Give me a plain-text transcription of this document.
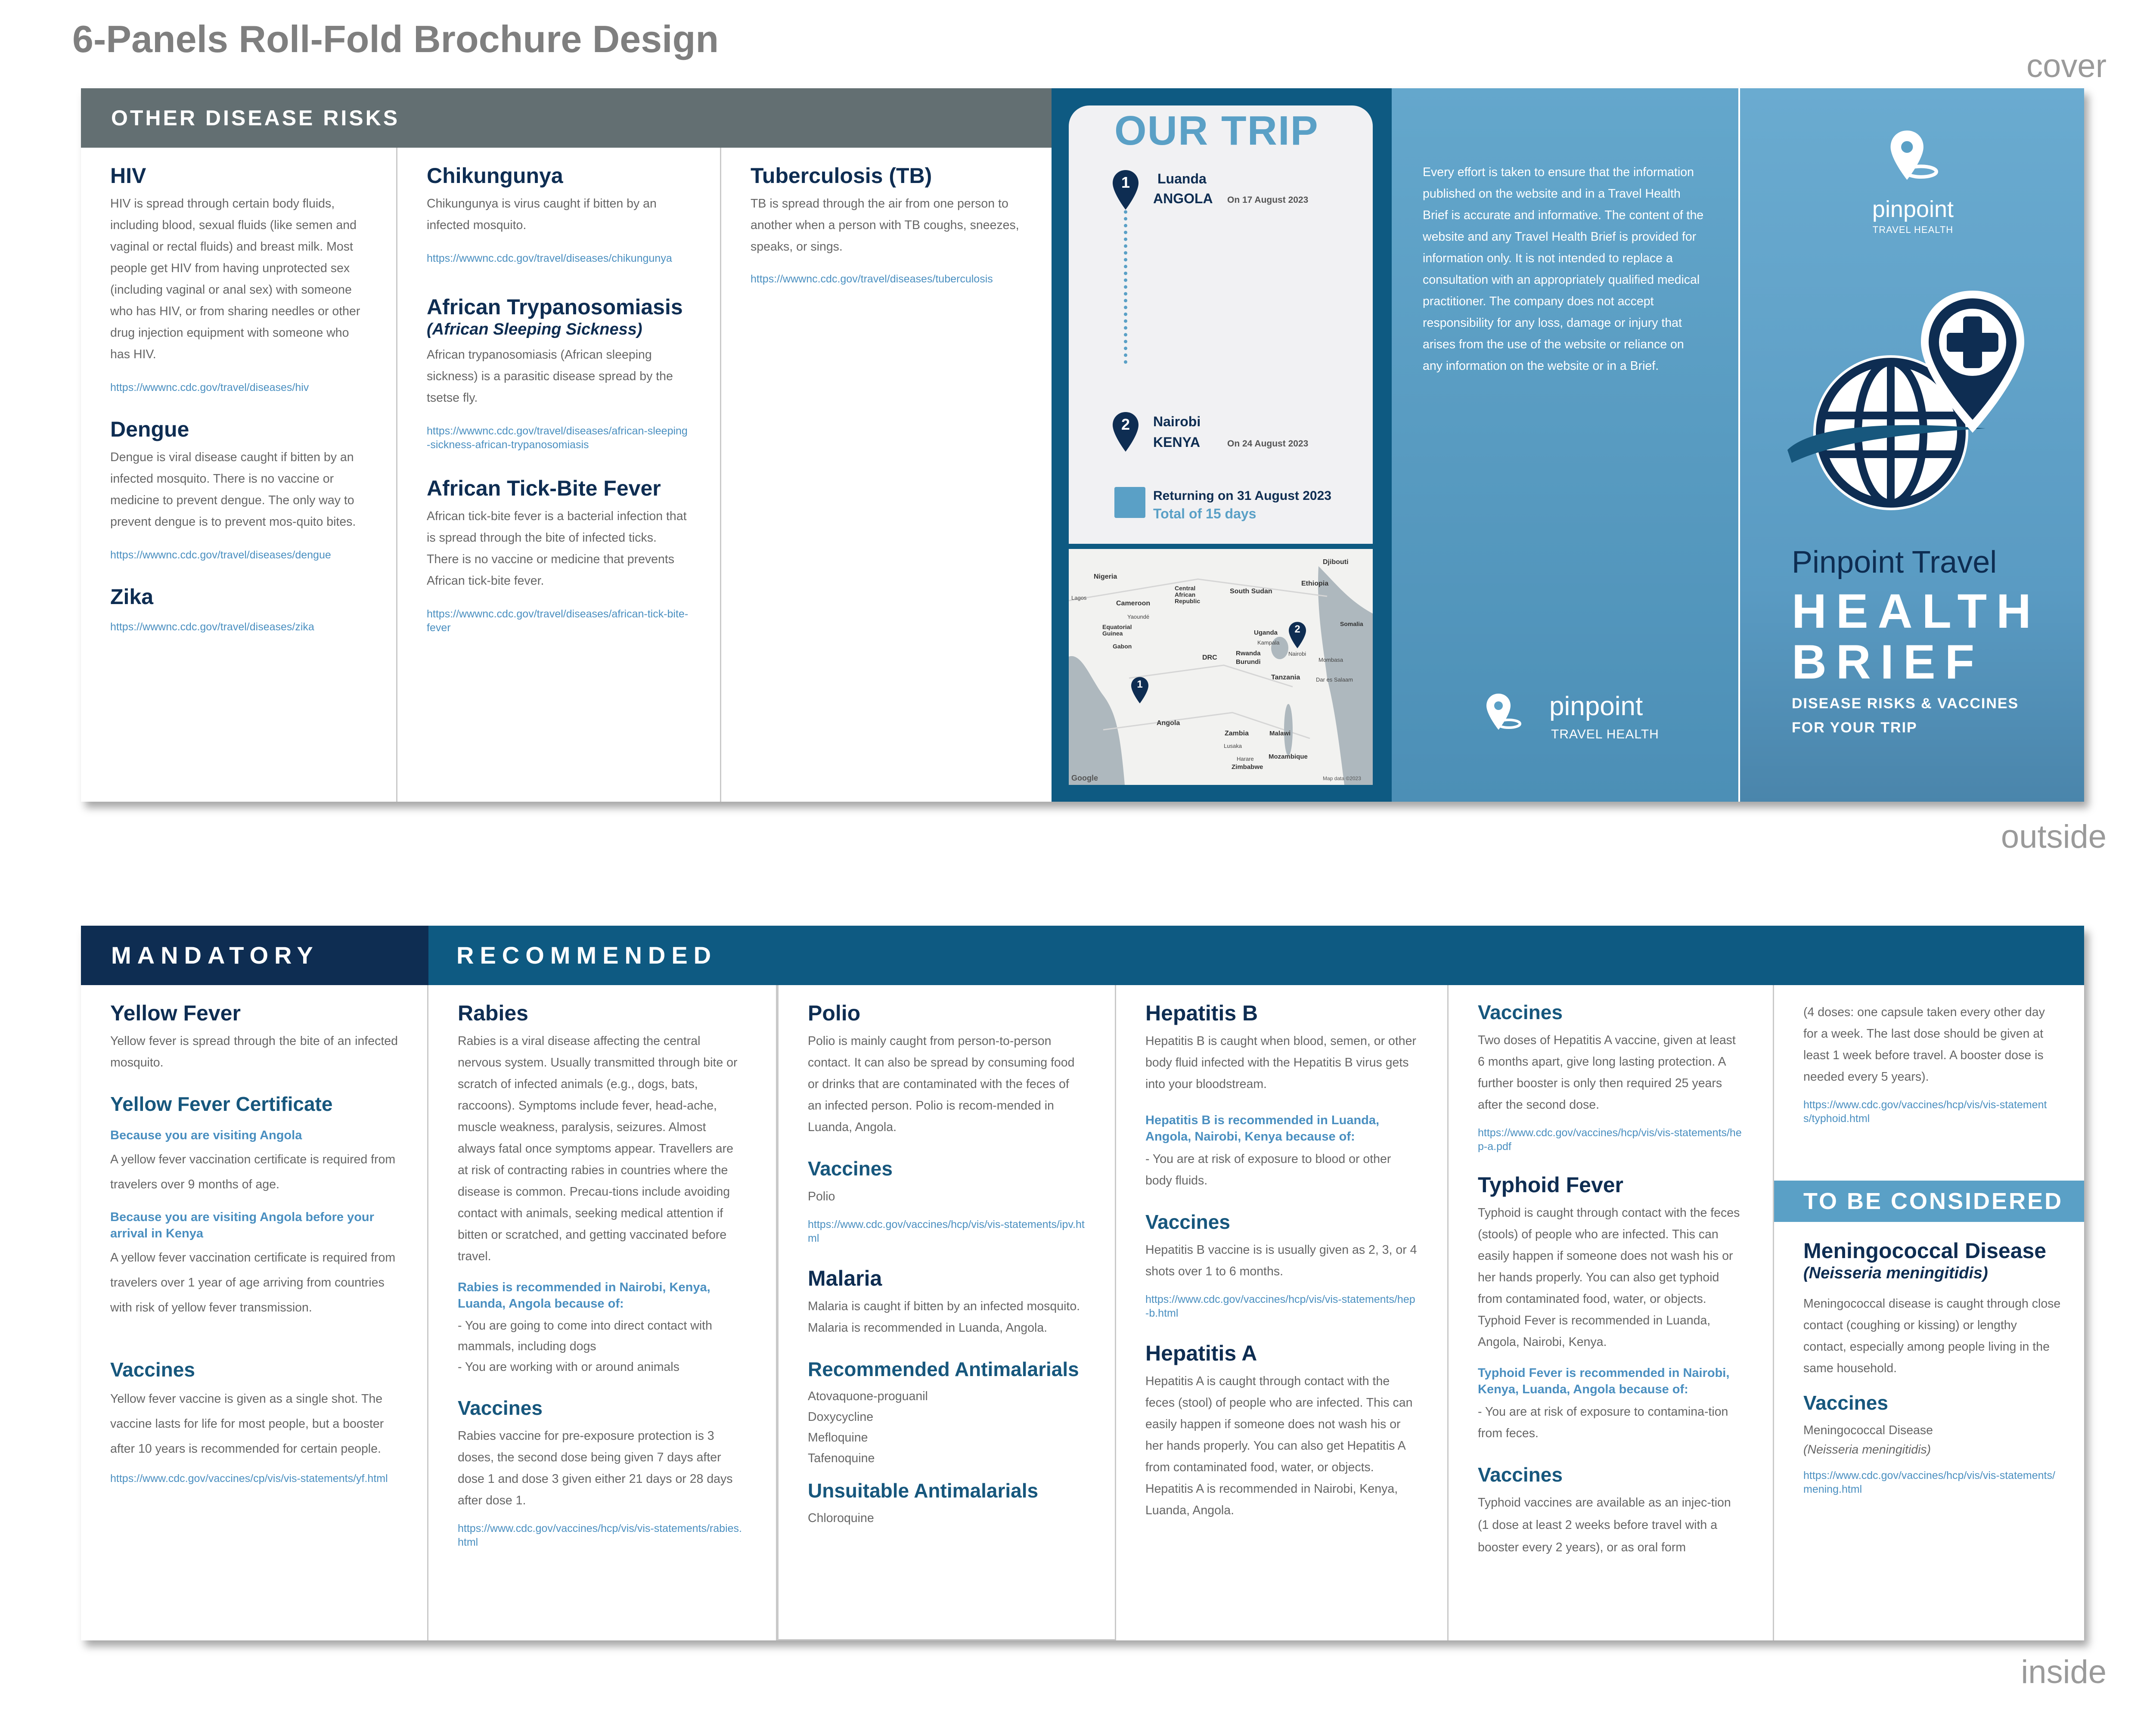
6-Panels Roll-Fold Brochure Design
cover
outside
inside
OTHER DISEASE RISKS
HIV

HIV is spread through certain body fluids, including blood, sexual fluids (like semen and vaginal or rectal fluids) and breast milk. Most people get HIV from having unprotected sex (including vaginal or anal sex) with someone who has HIV, or from sharing needles or other drug injection equipment with someone who has HIV.

https://wwwnc.cdc.gov/travel/diseases/hiv

Dengue

Dengue is viral disease caught if bitten by an infected mosquito. There is no vaccine or medicine to prevent dengue. The only way to prevent dengue is to prevent mos-quito bites.

https://wwwnc.cdc.gov/travel/diseases/dengue

Zika

https://wwwnc.cdc.gov/travel/diseases/zika

Chikungunya

Chikungunya is virus caught if bitten by an infected mosquito.

https://wwwnc.cdc.gov/travel/diseases/chikungunya

African Trypanosomiasis
(African Sleeping Sickness)

African trypanosomiasis (African sleeping sickness) is a parasitic disease spread by the tsetse fly.

https://wwwnc.cdc.gov/travel/diseases/african-sleeping-sickness-african-trypanosomiasis

African Tick-Bite Fever

African tick-bite fever is a bacterial infection that is spread through the bite of infected ticks. There is no vaccine or medicine that prevents African tick-bite fever.

https://wwwnc.cdc.gov/travel/diseases/african-tick-bite-fever

Tuberculosis (TB)

TB is spread through the air from one person to another when a person with TB coughs, sneezes, speaks, or sings.

https://wwwnc.cdc.gov/travel/diseases/tuberculosis

OUR TRIP
1	Luanda
ANGOLA On 17 August 2023
2	Nairobi
KENYA	On 24 August 2023
Returning on 31 August 2023
Total of 15 days
Nigeria
Djibouti
Ethiopia
Lagos
Cameroon
Yaoundé
Central African Republic
South Sudan
Equatorial Guinea
Gabon
Somalia
Uganda
Kampala
Nairobi
DRC
Rwanda
Burundi	Mombasa
Tanzania	Dar es Salaam
Angola
Zambia	Malawi
Lusaka
Harare
Zimbabwe
Mozambique
Google	Map data ©2023
1
2

Every effort is taken to ensure that the information published on the website and in a Travel Health Brief is accurate and informative. The content of the website and any Travel Health Brief is provided for information only. It is not intended to replace a consultation with an appropriately qualified medical practitioner. The company does not accept responsibility for any loss, damage or injury that arises from the use of the website or reliance on any information on the website or in a Brief.

pinpoint
TRAVEL HEALTH
pinpoint
TRAVEL HEALTH
Pinpoint Travel
HEALTH
BRIEF
DISEASE RISKS & VACCINES
FOR YOUR TRIP
MANDATORY	RECOMMENDED
Yellow Fever

Yellow fever is spread through the bite of an infected mosquito.

Yellow Fever Certificate

Because you are visiting Angola

A yellow fever vaccination certificate is required from travelers over 9 months of age.

Because you are visiting Angola before your arrival in Kenya

A yellow fever vaccination certificate is required from travelers over 1 year of age arriving from countries with risk of yellow fever transmission.

Vaccines

Yellow fever vaccine is given as a single shot. The vaccine lasts for life for most people, but a booster after 10 years is recommended for certain people.

https://www.cdc.gov/vaccines/cp/vis/vis-statements/yf.html

Rabies

Rabies is a viral disease affecting the central nervous system. Usually transmitted through bite or scratch of infected animals (e.g., dogs, bats, raccoons). Symptoms include fever, head-ache, muscle weakness, paralysis, seizures. Almost always fatal once symptoms appear. Travellers are at risk of contracting rabies in countries where the disease is common. Precau-tions include avoiding contact with animals, seeking medical attention if bitten or scratched, and getting vaccinated before travel.

Rabies is recommended in Nairobi, Kenya, Luanda, Angola because of:

- You are going to come into direct contact with mammals, including dogs

- You are working with or around animals

Vaccines

Rabies vaccine for pre-exposure protection is 3 doses, the second dose being given 7 days after dose 1 and dose 3 given either 21 days or 28 days after dose 1.

https://www.cdc.gov/vaccines/hcp/vis/vis-statements/rabies.html

Polio

Polio is mainly caught from person-to-person contact. It can also be spread by consuming food or drinks that are contaminated with the feces of an infected person. Polio is recom-mended in Luanda, Angola.

Vaccines

Polio

https://www.cdc.gov/vaccines/hcp/vis/vis-statements/ipv.html

Malaria

Malaria is caught if bitten by an infected mosquito. Malaria is recommended in Luanda, Angola.

Recommended Antimalarials

Atovaquone-proguanil

Doxycycline

Mefloquine

Tafenoquine

Unsuitable Antimalarials

Chloroquine

Hepatitis B

Hepatitis B is caught when blood, semen, or other body fluid infected with the Hepatitis B virus gets into your bloodstream.

Hepatitis B is recommended in Luanda, Angola, Nairobi, Kenya because of:

- You are at risk of exposure to blood or other body fluids.

Vaccines

Hepatitis B vaccine is is usually given as 2, 3, or 4 shots over 1 to 6 months.

https://www.cdc.gov/vaccines/hcp/vis/vis-statements/hep-b.html

Hepatitis A

Hepatitis A is caught through contact with the feces (stool) of people who are infected. This can easily happen if someone does not wash his or her hands properly. You can also get Hepatitis A from contaminated food, water, or objects. Hepatitis A is recommended in Nairobi, Kenya, Luanda, Angola.

Vaccines

Two doses of Hepatitis A vaccine, given at least 6 months apart, give long lasting protection. A further booster is only then required 25 years after the second dose.

https://www.cdc.gov/vaccines/hcp/vis/vis-statements/hep-a.pdf

Typhoid Fever

Typhoid is caught through contact with the feces (stools) of people who are infected. This can easily happen if someone does not wash his or her hands properly. You can also get typhoid from contaminated food, water, or objects. Typhoid Fever is recommended in Luanda, Angola, Nairobi, Kenya.

Typhoid Fever is recommended in Nairobi, Kenya, Luanda, Angola because of:

- You are at risk of exposure to contamina-tion from feces.

Vaccines

Typhoid vaccines are available as an injec-tion (1 dose at least 2 weeks before travel with a booster every 2 years), or as oral form

(4 doses: one capsule taken every other day for a week. The last dose should be given at least 1 week before travel. A booster dose is needed every 5 years).

https://www.cdc.gov/vaccines/hcp/vis/vis-statements/typhoid.html

TO BE CONSIDERED
Meningococcal Disease
(Neisseria meningitidis)

Meningococcal disease is caught through close contact (coughing or kissing) or lengthy contact, especially among people living in the same household.

Vaccines

Meningococcal Disease

(Neisseria meningitidis)

https://www.cdc.gov/vaccines/hcp/vis/vis-statements/mening.html
